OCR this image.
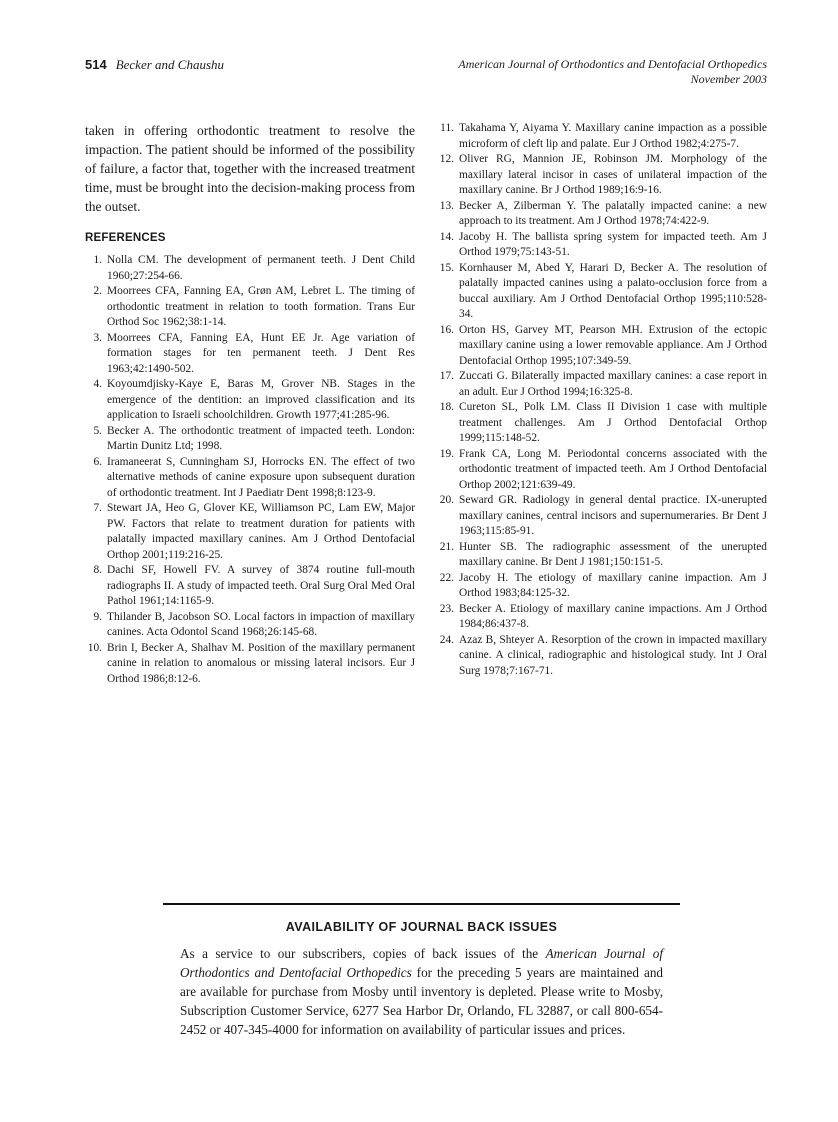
514 Becker and Chaushu	American Journal of Orthodontics and Dentofacial Orthopedics
November 2003

taken in offering orthodontic treatment to resolve the impaction. The patient should be informed of the possibility of failure, a factor that, together with the increased treatment time, must be brought into the decision-making process from the outset.

REFERENCES
1. Nolla CM. The development of permanent teeth. J Dent Child 1960;27:254-66.
2. Moorrees CFA, Fanning EA, Grøn AM, Lebret L. The timing of orthodontic treatment in relation to tooth formation. Trans Eur Orthod Soc 1962;38:1-14.
3. Moorrees CFA, Fanning EA, Hunt EE Jr. Age variation of formation stages for ten permanent teeth. J Dent Res 1963;42:1490-502.
4. Koyoumdjisky-Kaye E, Baras M, Grover NB. Stages in the emergence of the dentition: an improved classification and its application to Israeli schoolchildren. Growth 1977;41:285-96.
5. Becker A. The orthodontic treatment of impacted teeth. London: Martin Dunitz Ltd; 1998.
6. Iramaneerat S, Cunningham SJ, Horrocks EN. The effect of two alternative methods of canine exposure upon subsequent duration of orthodontic treatment. Int J Paediatr Dent 1998;8:123-9.
7. Stewart JA, Heo G, Glover KE, Williamson PC, Lam EW, Major PW. Factors that relate to treatment duration for patients with palatally impacted maxillary canines. Am J Orthod Dentofacial Orthop 2001;119:216-25.
8. Dachi SF, Howell FV. A survey of 3874 routine full-mouth radiographs II. A study of impacted teeth. Oral Surg Oral Med Oral Pathol 1961;14:1165-9.
9. Thilander B, Jacobson SO. Local factors in impaction of maxillary canines. Acta Odontol Scand 1968;26:145-68.
10. Brin I, Becker A, Shalhav M. Position of the maxillary permanent canine in relation to anomalous or missing lateral incisors. Eur J Orthod 1986;8:12-6.
11. Takahama Y, Aiyama Y. Maxillary canine impaction as a possible microform of cleft lip and palate. Eur J Orthod 1982;4:275-7.
12. Oliver RG, Mannion JE, Robinson JM. Morphology of the maxillary lateral incisor in cases of unilateral impaction of the maxillary canine. Br J Orthod 1989;16:9-16.
13. Becker A, Zilberman Y. The palatally impacted canine: a new approach to its treatment. Am J Orthod 1978;74:422-9.
14. Jacoby H. The ballista spring system for impacted teeth. Am J Orthod 1979;75:143-51.
15. Kornhauser M, Abed Y, Harari D, Becker A. The resolution of palatally impacted canines using a palato-occlusion force from a buccal auxiliary. Am J Orthod Dentofacial Orthop 1995;110:528-34.
16. Orton HS, Garvey MT, Pearson MH. Extrusion of the ectopic maxillary canine using a lower removable appliance. Am J Orthod Dentofacial Orthop 1995;107:349-59.
17. Zuccati G. Bilaterally impacted maxillary canines: a case report in an adult. Eur J Orthod 1994;16:325-8.
18. Cureton SL, Polk LM. Class II Division 1 case with multiple treatment challenges. Am J Orthod Dentofacial Orthop 1999;115:148-52.
19. Frank CA, Long M. Periodontal concerns associated with the orthodontic treatment of impacted teeth. Am J Orthod Dentofacial Orthop 2002;121:639-49.
20. Seward GR. Radiology in general dental practice. IX-unerupted maxillary canines, central incisors and supernumeraries. Br Dent J 1963;115:85-91.
21. Hunter SB. The radiographic assessment of the unerupted maxillary canine. Br Dent J 1981;150:151-5.
22. Jacoby H. The etiology of maxillary canine impaction. Am J Orthod 1983;84:125-32.
23. Becker A. Etiology of maxillary canine impactions. Am J Orthod 1984;86:437-8.
24. Azaz B, Shteyer A. Resorption of the crown in impacted maxillary canine. A clinical, radiographic and histological study. Int J Oral Surg 1978;7:167-71.
AVAILABILITY OF JOURNAL BACK ISSUES

As a service to our subscribers, copies of back issues of the American Journal of Orthodontics and Dentofacial Orthopedics for the preceding 5 years are maintained and are available for purchase from Mosby until inventory is depleted. Please write to Mosby, Subscription Customer Service, 6277 Sea Harbor Dr, Orlando, FL 32887, or call 800-654-2452 or 407-345-4000 for information on availability of particular issues and prices.
